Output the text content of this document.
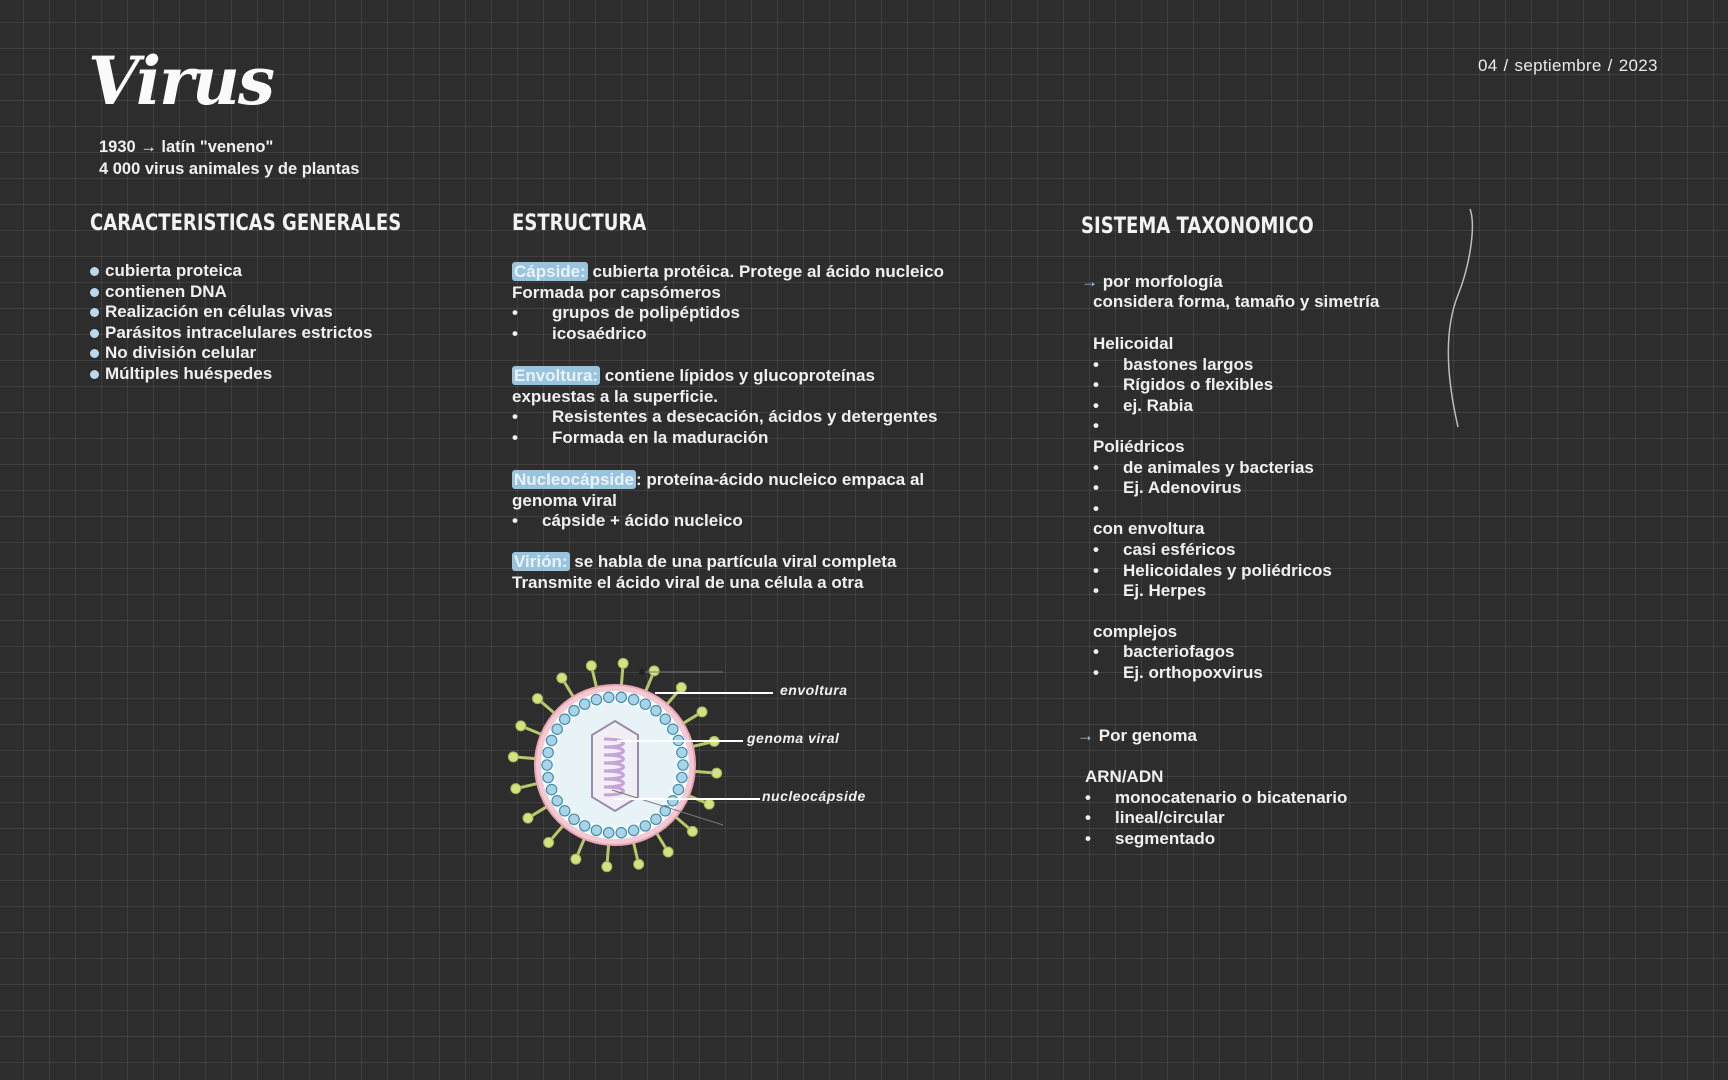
Virus	04 / septiembre / 2023
1930 → latín "veneno"
4 000 virus animales y de plantas
CARACTERISTICAS GENERALES
cubierta proteica
contienen DNA
Realización en células vivas
Parásitos intracelulares estrictos
No división celular
Múltiples huéspedes
ESTRUCTURA
Cápside: cubierta protéica. Protege al ácido nucleico
Formada por capsómeros
• grupos de polipéptidos
• icosaédrico
Envoltura: contiene lípidos y glucoproteínas
expuestas a la superficie.
• Resistentes a desecación, ácidos y detergentes
• Formada en la maduración
Nucleocápside : proteína-ácido nucleico empaca al
genoma viral
• cápside + ácido nucleico
Virión: se habla de una partícula viral completa
Transmite el ácido viral de una célula a otra
envoltura
genoma viral
nucleocápside
SISTEMA TAXONOMICO
→ por morfología
considera forma, tamaño y simetría
Helicoidal
• bastones largos
• Rígidos o flexibles
• ej. Rabia
•
Poliédricos
• de animales y bacterias
• Ej. Adenovirus
•
con envoltura
• casi esféricos
• Helicoidales y poliédricos
• Ej. Herpes
complejos
• bacteriofagos
• Ej. orthopoxvirus
→ Por genoma
ARN/ADN
• monocatenario o bicatenario
• lineal/circular
• segmentado
